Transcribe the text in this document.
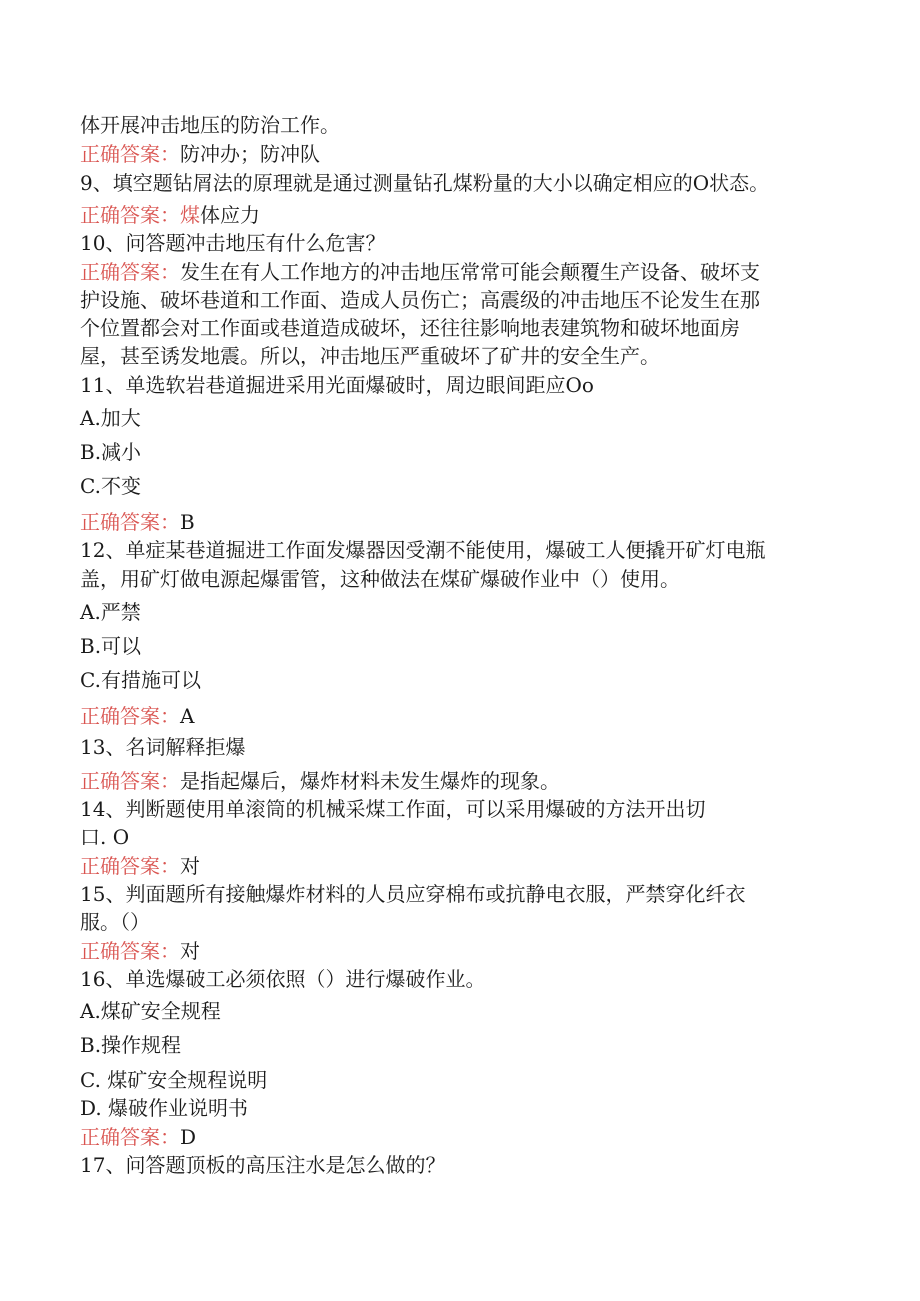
体开展冲击地压的防治工作。
正确答案：防冲办；防冲队
9、填空题钻屑法的原理就是通过测量钻孔煤粉量的大小以确定相应的O状态。
正确答案：煤体应力
10、问答题冲击地压有什么危害？
正确答案：发生在有人工作地方的冲击地压常常可能会颠覆生产设备、破坏支
护设施、破坏巷道和工作面、造成人员伤亡；高震级的冲击地压不论发生在那
个位置都会对工作面或巷道造成破坏，还往往影响地表建筑物和破坏地面房
屋，甚至诱发地震。所以，冲击地压严重破坏了矿井的安全生产。
11、单选软岩巷道掘进采用光面爆破时，周边眼间距应Oo
A.加大
B.减小
C.不变
正确答案：B
12、单症某巷道掘进工作面发爆器因受潮不能使用，爆破工人便撬开矿灯电瓶
盖，用矿灯做电源起爆雷管，这种做法在煤矿爆破作业中（）使用。
A.严禁
B.可以
C.有措施可以
正确答案：A
13、名词解释拒爆
正确答案：是指起爆后，爆炸材料未发生爆炸的现象。
14、判断题使用单滚筒的机械采煤工作面，可以采用爆破的方法开出切
口. O
正确答案：对
15、判面题所有接触爆炸材料的人员应穿棉布或抗静电衣服，严禁穿化纤衣
服。（）
正确答案：对
16、单选爆破工必须依照（）进行爆破作业。
A.煤矿安全规程
B.操作规程
C. 煤矿安全规程说明
D. 爆破作业说明书
正确答案：D
17、问答题顶板的高压注水是怎么做的？
